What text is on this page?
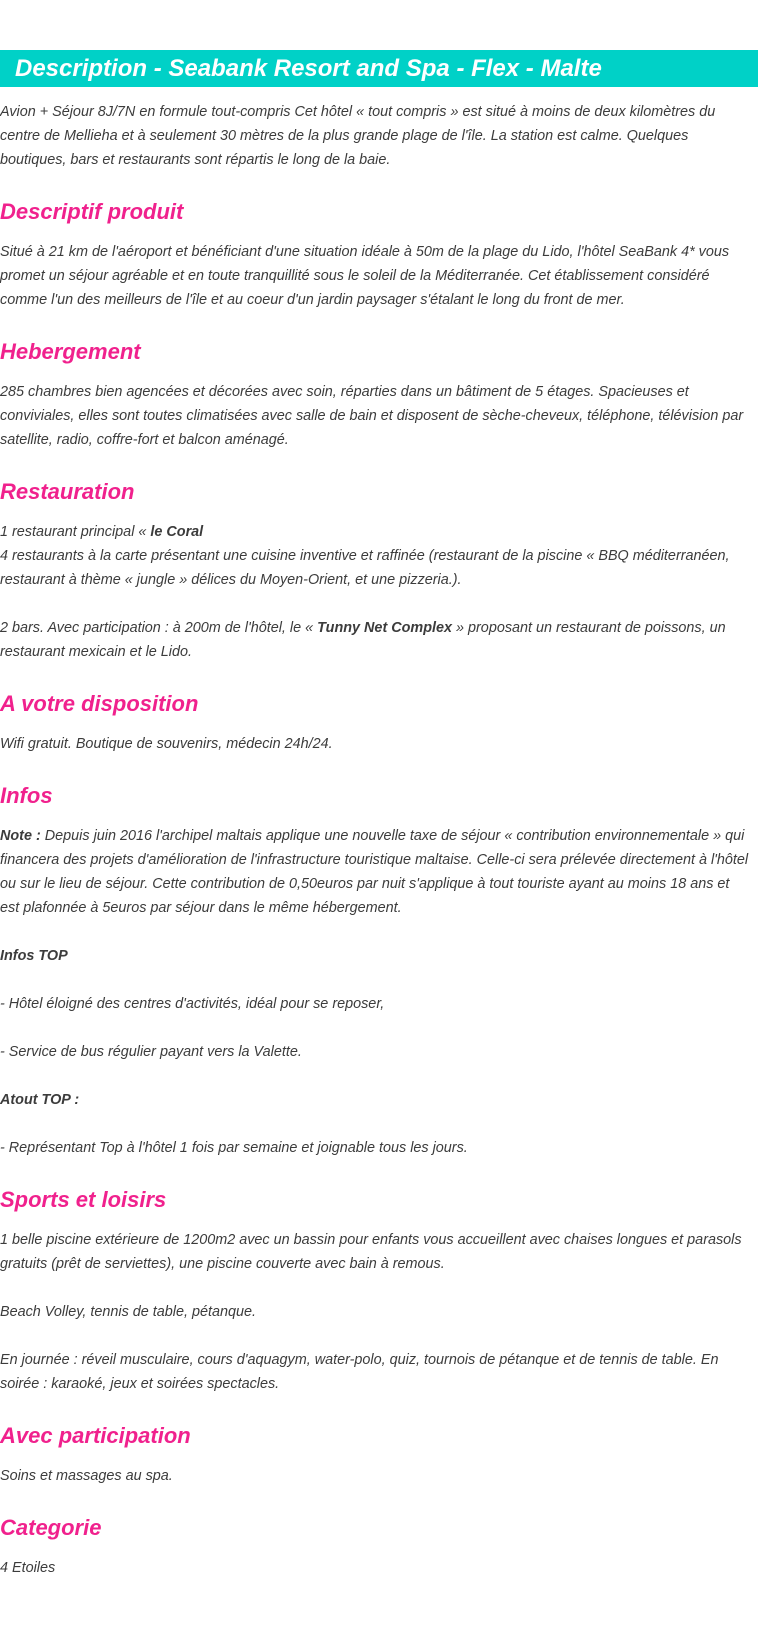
Description - Seabank Resort and Spa - Flex - Malte

Avion + Séjour 8J/7N en formule tout-compris Cet hôtel « tout compris » est situé à moins de deux kilomètres du centre de Mellieha et à seulement 30 mètres de la plus grande plage de l'île. La station est calme. Quelques boutiques, bars et restaurants sont répartis le long de la baie.

Descriptif produit

Situé à 21 km de l'aéroport et bénéficiant d'une situation idéale à 50m de la plage du Lido, l'hôtel SeaBank 4* vous promet un séjour agréable et en toute tranquillité sous le soleil de la Méditerranée. Cet établissement considéré comme l'un des meilleurs de l'île et au coeur d'un jardin paysager s'étalant le long du front de mer.

Hebergement

285 chambres bien agencées et décorées avec soin, réparties dans un bâtiment de 5 étages. Spacieuses et conviviales, elles sont toutes climatisées avec salle de bain et disposent de sèche-cheveux, téléphone, télévision par satellite, radio, coffre-fort et balcon aménagé.

Restauration

1 restaurant principal « le Coral

4 restaurants à la carte présentant une cuisine inventive et raffinée (restaurant de la piscine « BBQ méditerranéen, restaurant à thème « jungle » délices du Moyen-Orient, et une pizzeria.).

2 bars. Avec participation : à 200m de l'hôtel, le « Tunny Net Complex » proposant un restaurant de poissons, un restaurant mexicain et le Lido.

A votre disposition

Wifi gratuit. Boutique de souvenirs, médecin 24h/24.

Infos

Note : Depuis juin 2016 l'archipel maltais applique une nouvelle taxe de séjour « contribution environnementale » qui financera des projets d'amélioration de l'infrastructure touristique maltaise. Celle-ci sera prélevée directement à l'hôtel ou sur le lieu de séjour. Cette contribution de 0,50euros par nuit s'applique à tout touriste ayant au moins 18 ans et est plafonnée à 5euros par séjour dans le même hébergement.

Infos TOP

- Hôtel éloigné des centres d'activités, idéal pour se reposer,

- Service de bus régulier payant vers la Valette.

Atout TOP :

- Représentant Top à l'hôtel 1 fois par semaine et joignable tous les jours.

Sports et loisirs

1 belle piscine extérieure de 1200m2 avec un bassin pour enfants vous accueillent avec chaises longues et parasols gratuits (prêt de serviettes), une piscine couverte avec bain à remous.

Beach Volley, tennis de table, pétanque.

En journée : réveil musculaire, cours d'aquagym, water-polo, quiz, tournois de pétanque et de tennis de table. En soirée : karaoké, jeux et soirées spectacles.

Avec participation

Soins et massages au spa.

Categorie

4 Etoiles
